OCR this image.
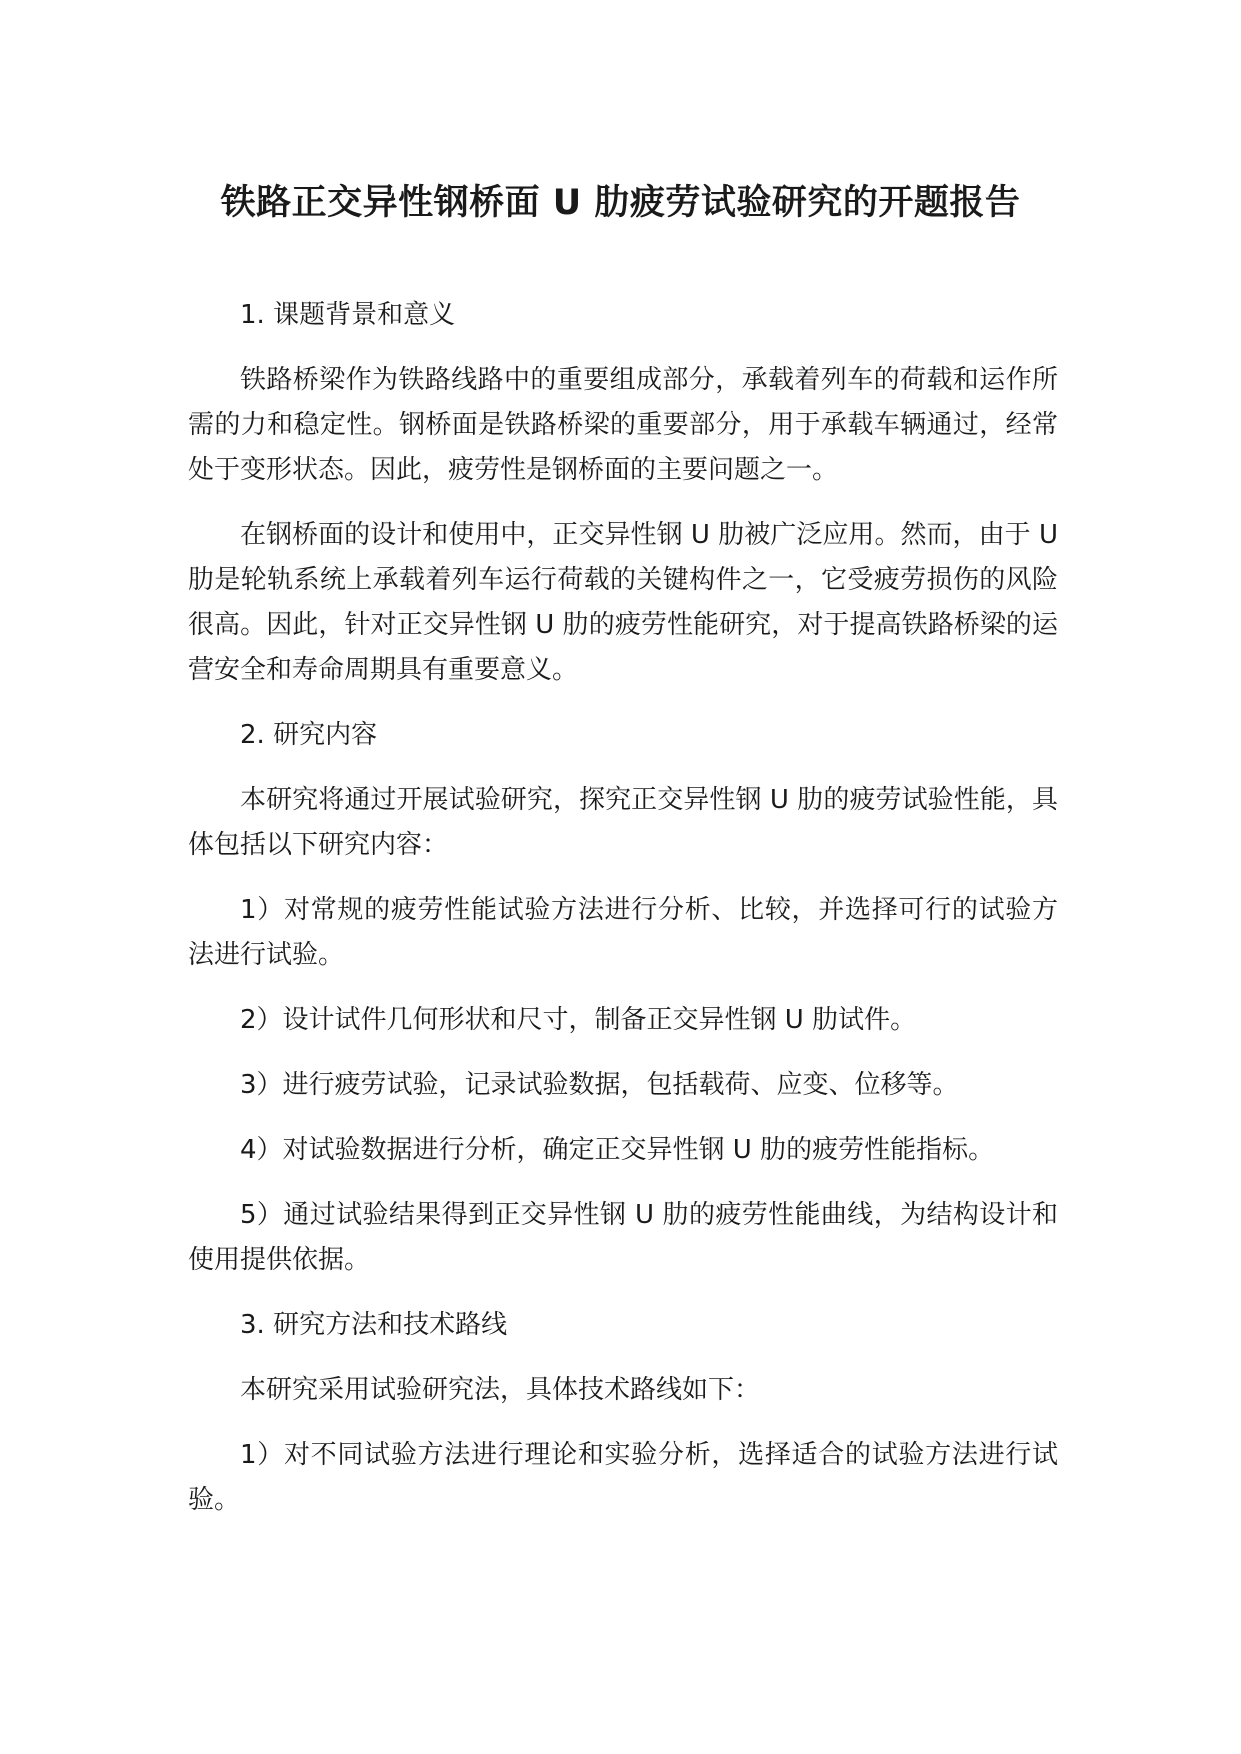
铁路正交异性钢桥面 U 肋疲劳试验研究的开题报告

1. 课题背景和意义

铁路桥梁作为铁路线路中的重要组成部分，承载着列车的荷载和运作所需的力和稳定性。钢桥面是铁路桥梁的重要部分，用于承载车辆通过，经常处于变形状态。因此，疲劳性是钢桥面的主要问题之一。

在钢桥面的设计和使用中，正交异性钢 U 肋被广泛应用。然而，由于 U 肋是轮轨系统上承载着列车运行荷载的关键构件之一，它受疲劳损伤的风险很高。因此，针对正交异性钢 U 肋的疲劳性能研究，对于提高铁路桥梁的运营安全和寿命周期具有重要意义。

2. 研究内容

本研究将通过开展试验研究，探究正交异性钢 U 肋的疲劳试验性能，具体包括以下研究内容：

1）对常规的疲劳性能试验方法进行分析、比较，并选择可行的试验方法进行试验。

2）设计试件几何形状和尺寸，制备正交异性钢 U 肋试件。

3）进行疲劳试验，记录试验数据，包括载荷、应变、位移等。

4）对试验数据进行分析，确定正交异性钢 U 肋的疲劳性能指标。

5）通过试验结果得到正交异性钢 U 肋的疲劳性能曲线，为结构设计和使用提供依据。

3. 研究方法和技术路线

本研究采用试验研究法，具体技术路线如下：

1）对不同试验方法进行理论和实验分析，选择适合的试验方法进行试验。
